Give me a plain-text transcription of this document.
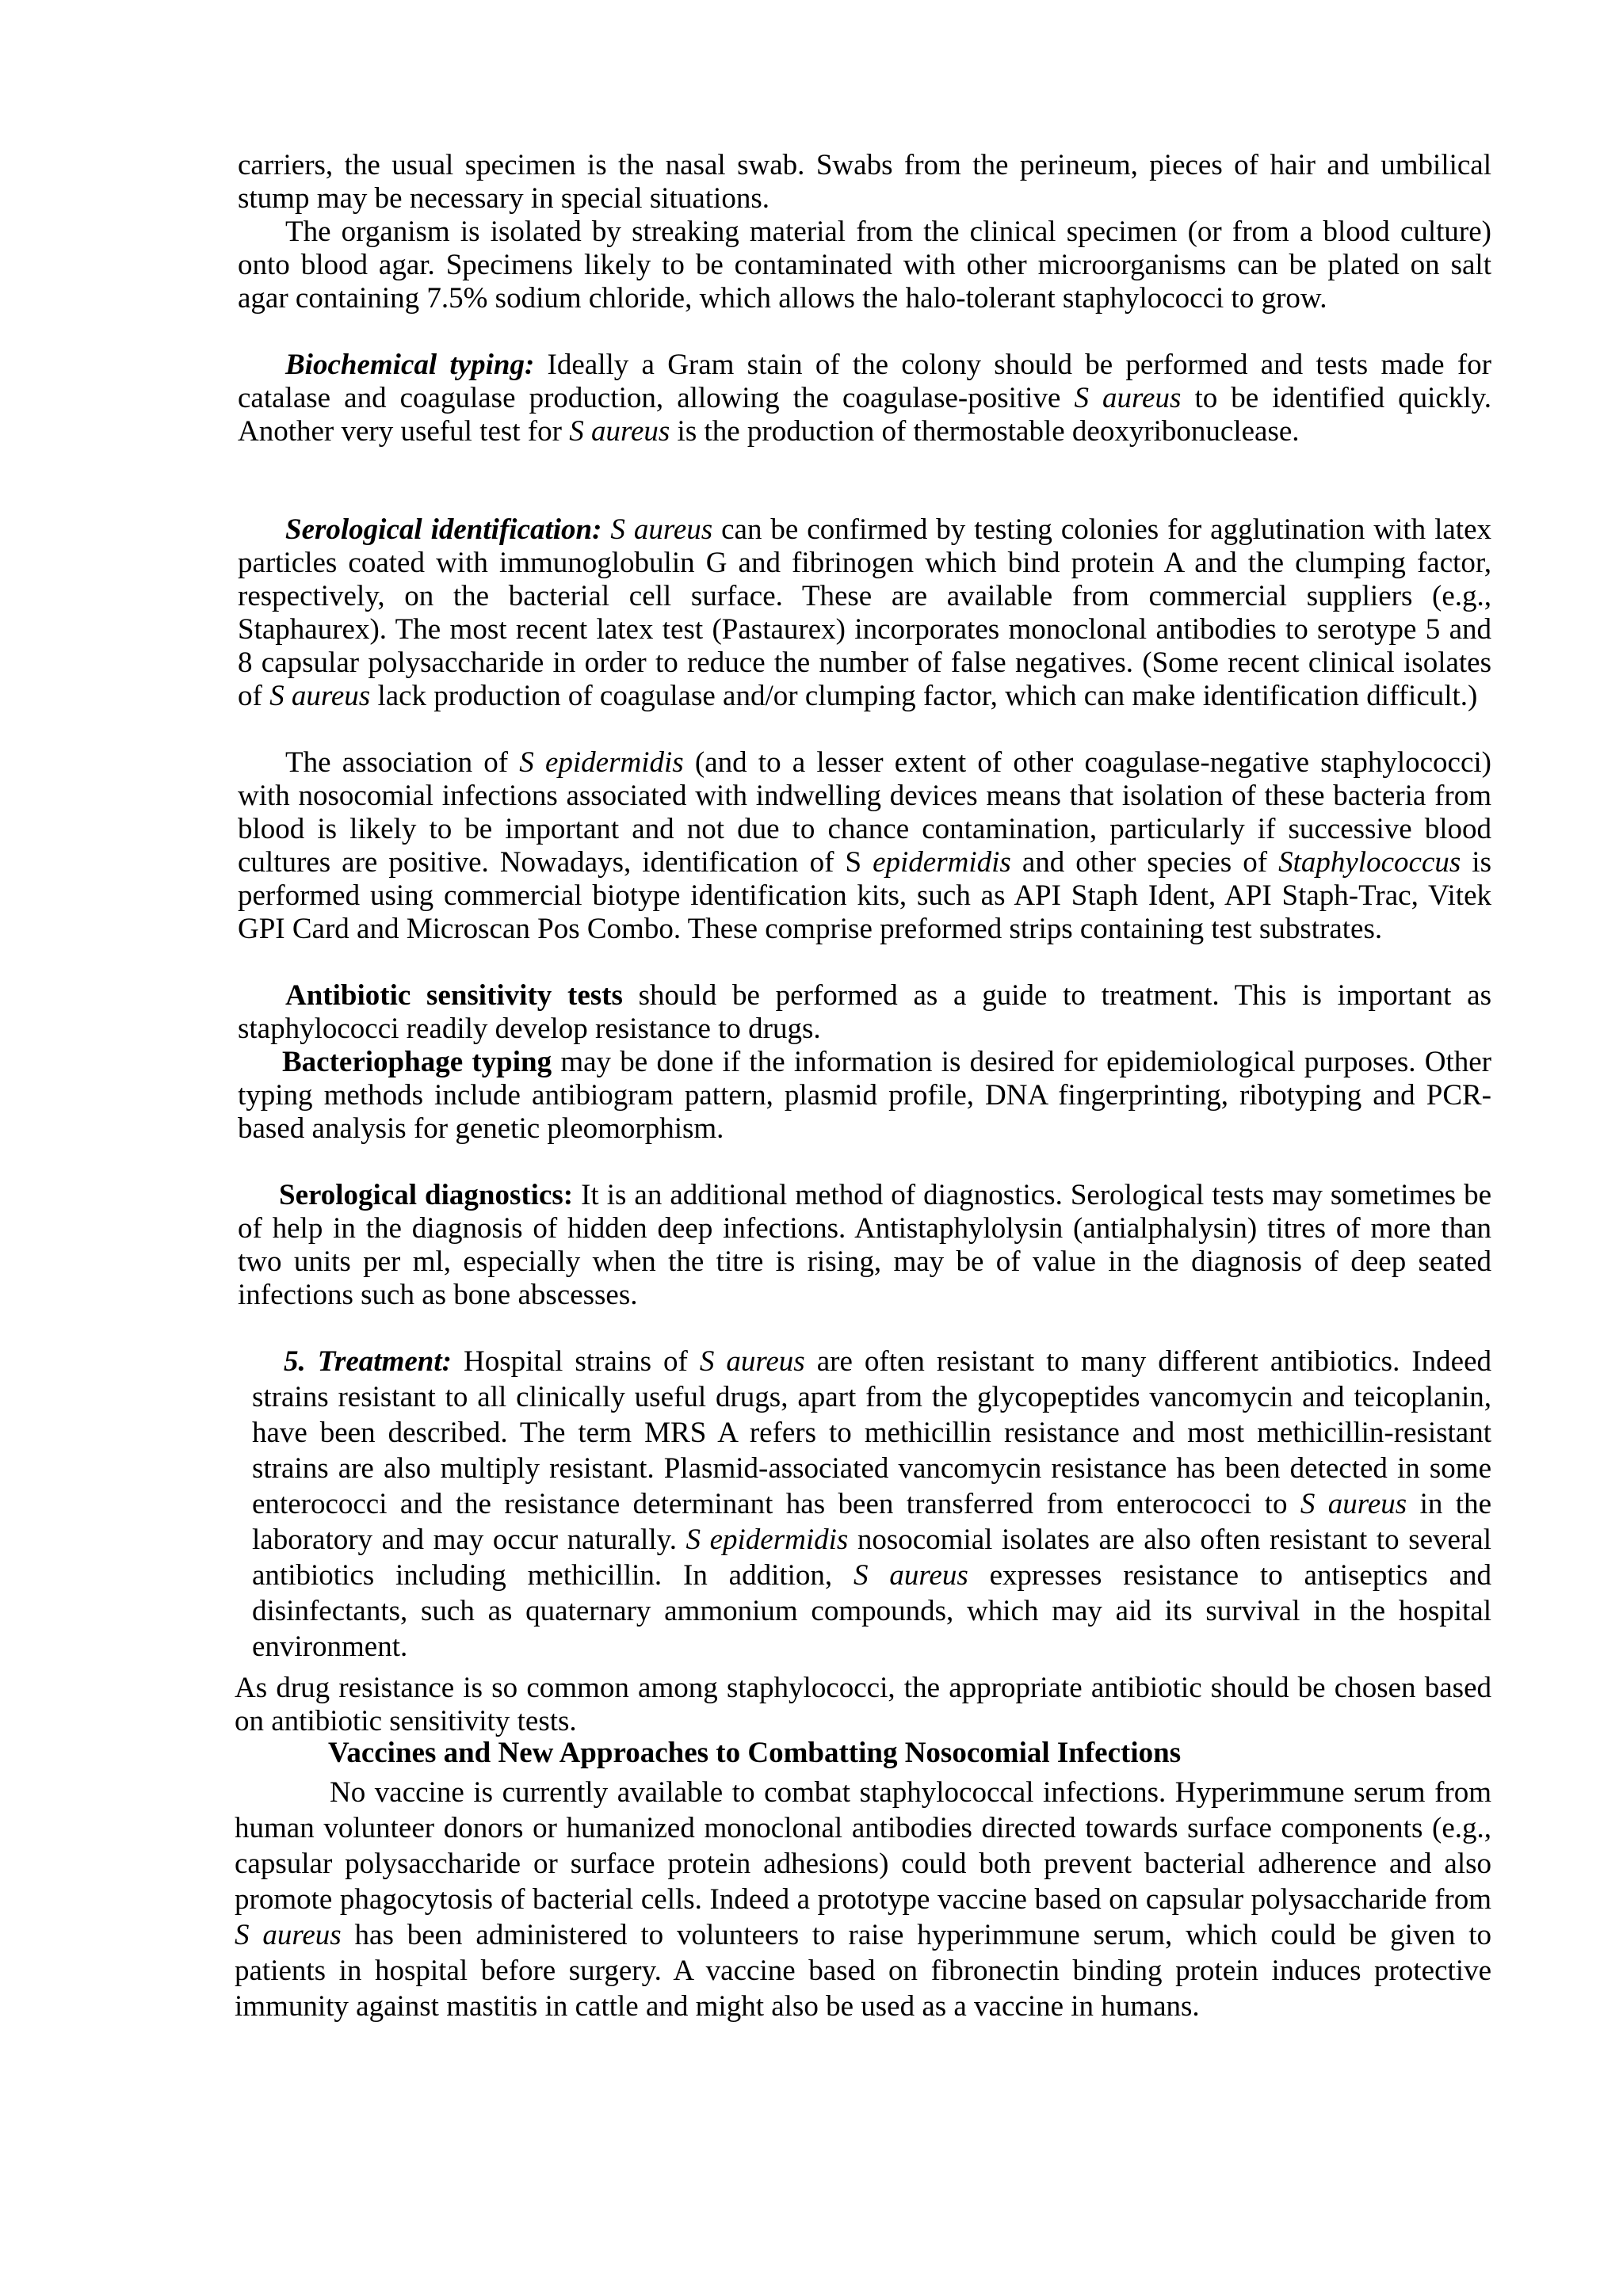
carriers, the usual specimen is the nasal swab. Swabs from the perineum, pieces of hair and umbilical stump may be necessary in special situations.

The organism is isolated by streaking material from the clinical specimen (or from a blood culture) onto blood agar. Specimens likely to be contaminated with other microorganisms can be plated on salt agar containing 7.5% sodium chloride, which allows the halo-tolerant staphylococci to grow.

Biochemical typing: Ideally a Gram stain of the colony should be performed and tests made for catalase and coagulase production, allowing the coagulase-positive S aureus to be identified quickly. Another very useful test for S aureus is the production of thermostable deoxyribonuclease.

Serological identification: S aureus can be confirmed by testing colonies for agglutination with latex particles coated with immunoglobulin G and fibrinogen which bind protein A and the clumping factor, respectively, on the bacterial cell surface. These are available from commercial suppliers (e.g., Staphaurex). The most recent latex test (Pastaurex) incorporates monoclonal antibodies to serotype 5 and 8 capsular polysaccharide in order to reduce the number of false negatives. (Some recent clinical isolates of S aureus lack production of coagulase and/or clumping factor, which can make identification difficult.)

The association of S epidermidis (and to a lesser extent of other coagulase-negative staphylococci) with nosocomial infections associated with indwelling devices means that isolation of these bacteria from blood is likely to be important and not due to chance contamination, particularly if successive blood cultures are positive. Nowadays, identification of S epidermidis and other species of Staphylococcus is performed using commercial biotype identification kits, such as API Staph Ident, API Staph-Trac, Vitek GPI Card and Microscan Pos Combo. These comprise preformed strips containing test substrates.

Antibiotic sensitivity tests should be performed as a guide to treatment. This is important as staphylococci readily develop resistance to drugs.

Bacteriophage typing may be done if the information is desired for epidemiological purposes. Other typing methods include antibiogram pattern, plasmid profile, DNA fingerprinting, ribotyping and PCR-based analysis for genetic pleomorphism.

Serological diagnostics: It is an additional method of diagnostics. Serological tests may sometimes be of help in the diagnosis of hidden deep infections. Antistaphylolysin (antialphalysin) titres of more than two units per ml, especially when the titre is rising, may be of value in the diagnosis of deep seated infections such as bone abscesses.

5. Treatment: Hospital strains of S aureus are often resistant to many different antibiotics. Indeed strains resistant to all clinically useful drugs, apart from the glycopeptides vancomycin and teicoplanin, have been described. The term MRS A refers to methicillin resistance and most methicillin-resistant strains are also multiply resistant. Plasmid-associated vancomycin resistance has been detected in some enterococci and the resistance determinant has been transferred from enterococci to S aureus in the laboratory and may occur naturally. S epidermidis nosocomial isolates are also often resistant to several antibiotics including methicillin. In addition, S aureus expresses resistance to antiseptics and disinfectants, such as quaternary ammonium compounds, which may aid its survival in the hospital environment.

As drug resistance is so common among staphylococci, the appropriate antibiotic should be chosen based on antibiotic sensitivity tests.

Vaccines and New Approaches to Combatting Nosocomial Infections

No vaccine is currently available to combat staphylococcal infections. Hyperimmune serum from human volunteer donors or humanized monoclonal antibodies directed towards surface components (e.g., capsular polysaccharide or surface protein adhesions) could both prevent bacterial adherence and also promote phagocytosis of bacterial cells. Indeed a prototype vaccine based on capsular polysaccharide from S aureus has been administered to volunteers to raise hyperimmune serum, which could be given to patients in hospital before surgery. A vaccine based on fibronectin binding protein induces protective immunity against mastitis in cattle and might also be used as a vaccine in humans.
